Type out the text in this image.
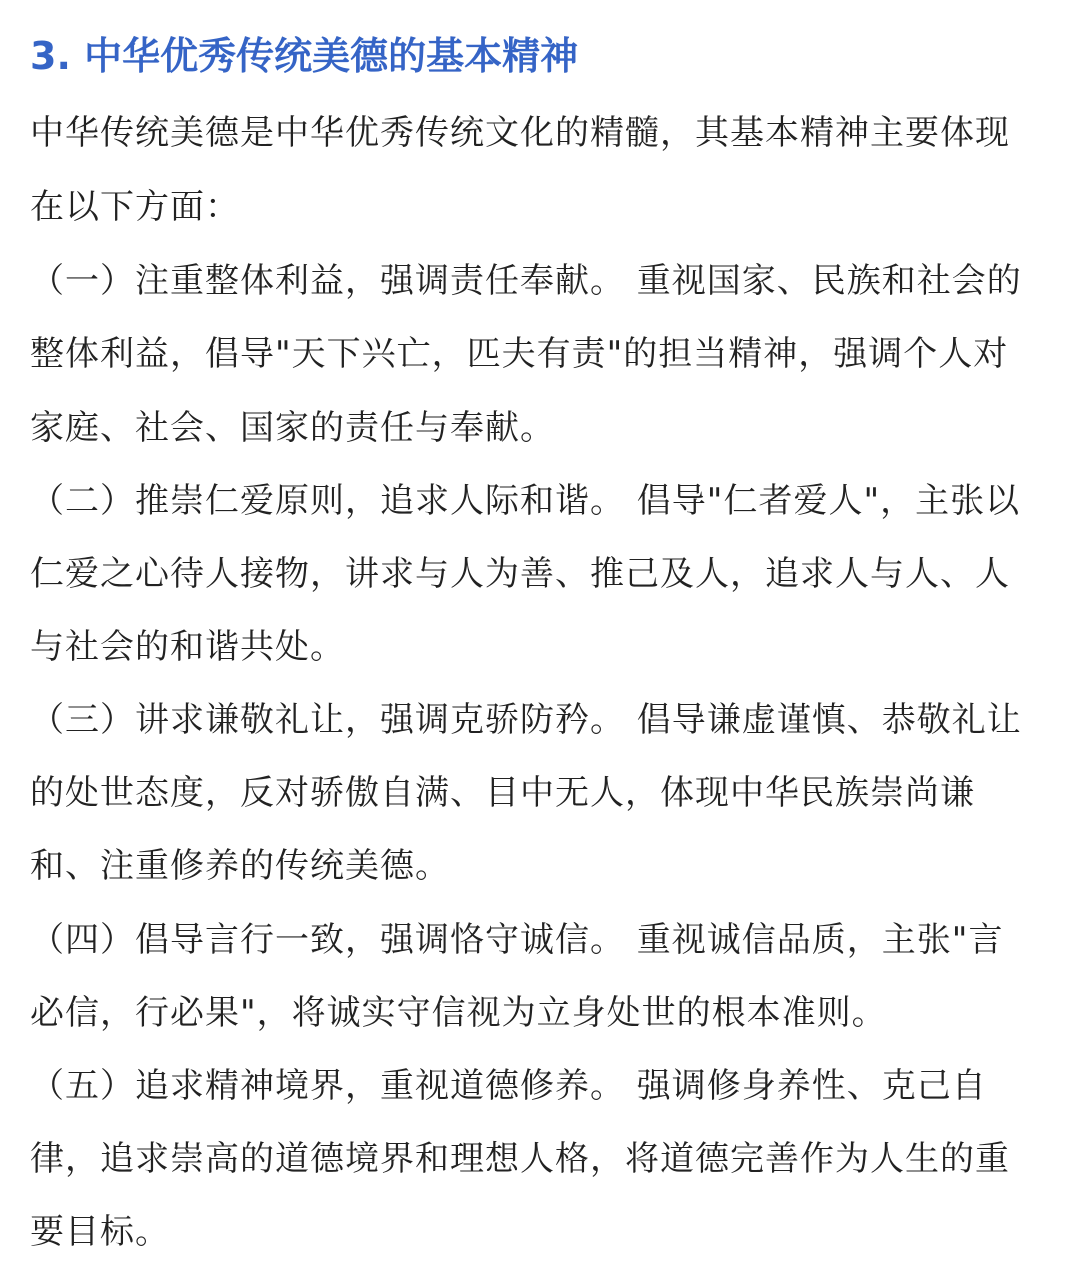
3. 中华优秀传统美德的基本精神

中华传统美德是中华优秀传统文化的精髓，其基本精神主要体现

在以下方面：

（一）注重整体利益，强调责任奉献。 重视国家、民族和社会的

整体利益，倡导"天下兴亡，匹夫有责"的担当精神，强调个人对

家庭、社会、国家的责任与奉献。

（二）推崇仁爱原则，追求人际和谐。 倡导"仁者爱人"，主张以

仁爱之心待人接物，讲求与人为善、推己及人，追求人与人、人

与社会的和谐共处。

（三）讲求谦敬礼让，强调克骄防矜。 倡导谦虚谨慎、恭敬礼让

的处世态度，反对骄傲自满、目中无人，体现中华民族崇尚谦

和、注重修养的传统美德。

（四）倡导言行一致，强调恪守诚信。 重视诚信品质，主张"言

必信，行必果"，将诚实守信视为立身处世的根本准则。

（五）追求精神境界，重视道德修养。 强调修身养性、克己自

律，追求崇高的道德境界和理想人格，将道德完善作为人生的重

要目标。
